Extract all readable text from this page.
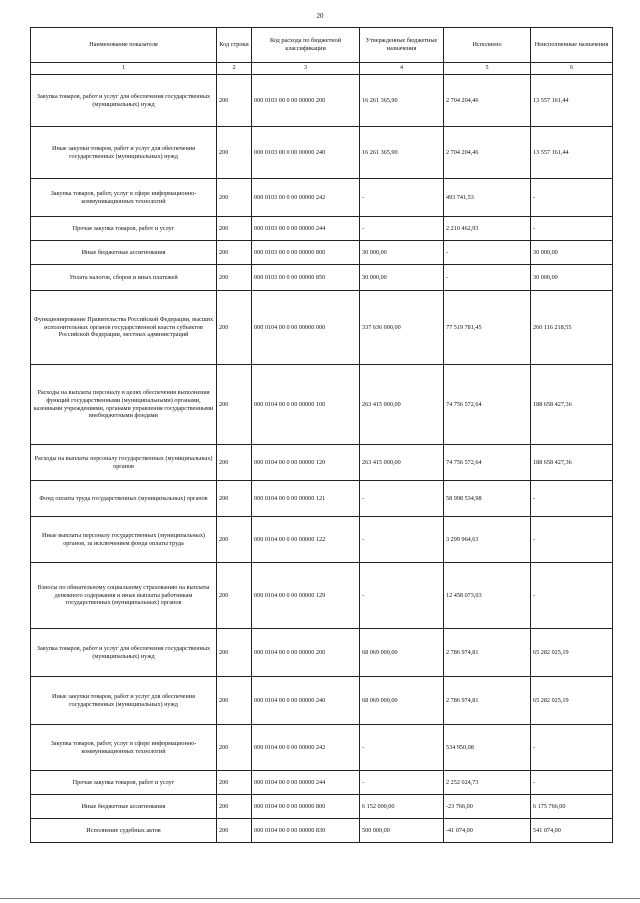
20
Наименование показателя	Код строки	Код расхода по бюджетной классификации	Утвержденные бюджетные назначения	Исполнено	Неисполненные назначения
1	2	3	4	5	6
Закупка товаров, работ и услуг для обеспечения государственных (муниципальных) нужд	200	000 0103 00 0 00 00000 200	16 261 365,90	2 704 204,46	13 557 161,44
Иные закупки товаров, работ и услуг для обеспечения государственных (муниципальных) нужд	200	000 0103 00 0 00 00000 240	16 261 365,90	2 704 204,46	13 557 161,44
Закупка товаров, работ, услуг в сфере информационно-коммуникационных технологий	200	000 0103 00 0 00 00000 242	-	493 741,53	-
Прочая закупка товаров, работ и услуг	200	000 0103 00 0 00 00000 244	-	2 210 462,93	-
Иные бюджетные ассигнования	200	000 0103 00 0 00 00000 800	30 000,00	-	30 000,00
Уплата налогов, сборов и иных платежей	200	000 0103 00 0 00 00000 850	30 000,00	-	30 000,00
Функционирование Правительства Российской Федерации, высших исполнительных органов государственной власти субъектов Российской Федерации, местных администраций	200	000 0104 00 0 00 00000 000	337 636 000,00	77 519 781,45	260 116 218,55
Расходы на выплаты персоналу в целях обеспечения выполнения функций государственными (муниципальными) органами, казенными учреждениями, органами управления государственными внебюджетными фондами	200	000 0104 00 0 00 00000 100	263 415 000,00	74 756 572,64	188 658 427,36
Расходы на выплаты персоналу государственных (муниципальных) органов	200	000 0104 00 0 00 00000 120	263 415 000,00	74 756 572,64	188 658 427,36
Фонд оплаты труда государственных (муниципальных) органов	200	000 0104 00 0 00 00000 121	-	58 998 534,98	-
Иные выплаты персоналу государственных (муниципальных) органов, за исключением фонда оплаты труда	200	000 0104 00 0 00 00000 122	-	3 299 964,63	-
Взносы по обязательному социальному страхованию на выплаты денежного содержания и иные выплаты работникам государственных (муниципальных) органов	200	000 0104 00 0 00 00000 129	-	12 458 073,03	-
Закупка товаров, работ и услуг для обеспечения государственных (муниципальных) нужд	200	000 0104 00 0 00 00000 200	68 069 000,00	2 786 974,81	65 282 025,19
Иные закупки товаров, работ и услуг для обеспечения государственных (муниципальных) нужд	200	000 0104 00 0 00 00000 240	68 069 000,00	2 786 974,81	65 282 025,19
Закупка товаров, работ, услуг в сфере информационно-коммуникационных технологий	200	000 0104 00 0 00 00000 242	-	534 950,08	-
Прочая закупка товаров, работ и услуг	200	000 0104 00 0 00 00000 244	-	2 252 024,73	-
Иные бюджетные ассигнования	200	000 0104 00 0 00 00000 800	6 152 000,00	-23 766,00	6 175 766,00
Исполнение судебных актов	200	000 0104 00 0 00 00000 830	500 000,00	-41 074,00	541 074,00
